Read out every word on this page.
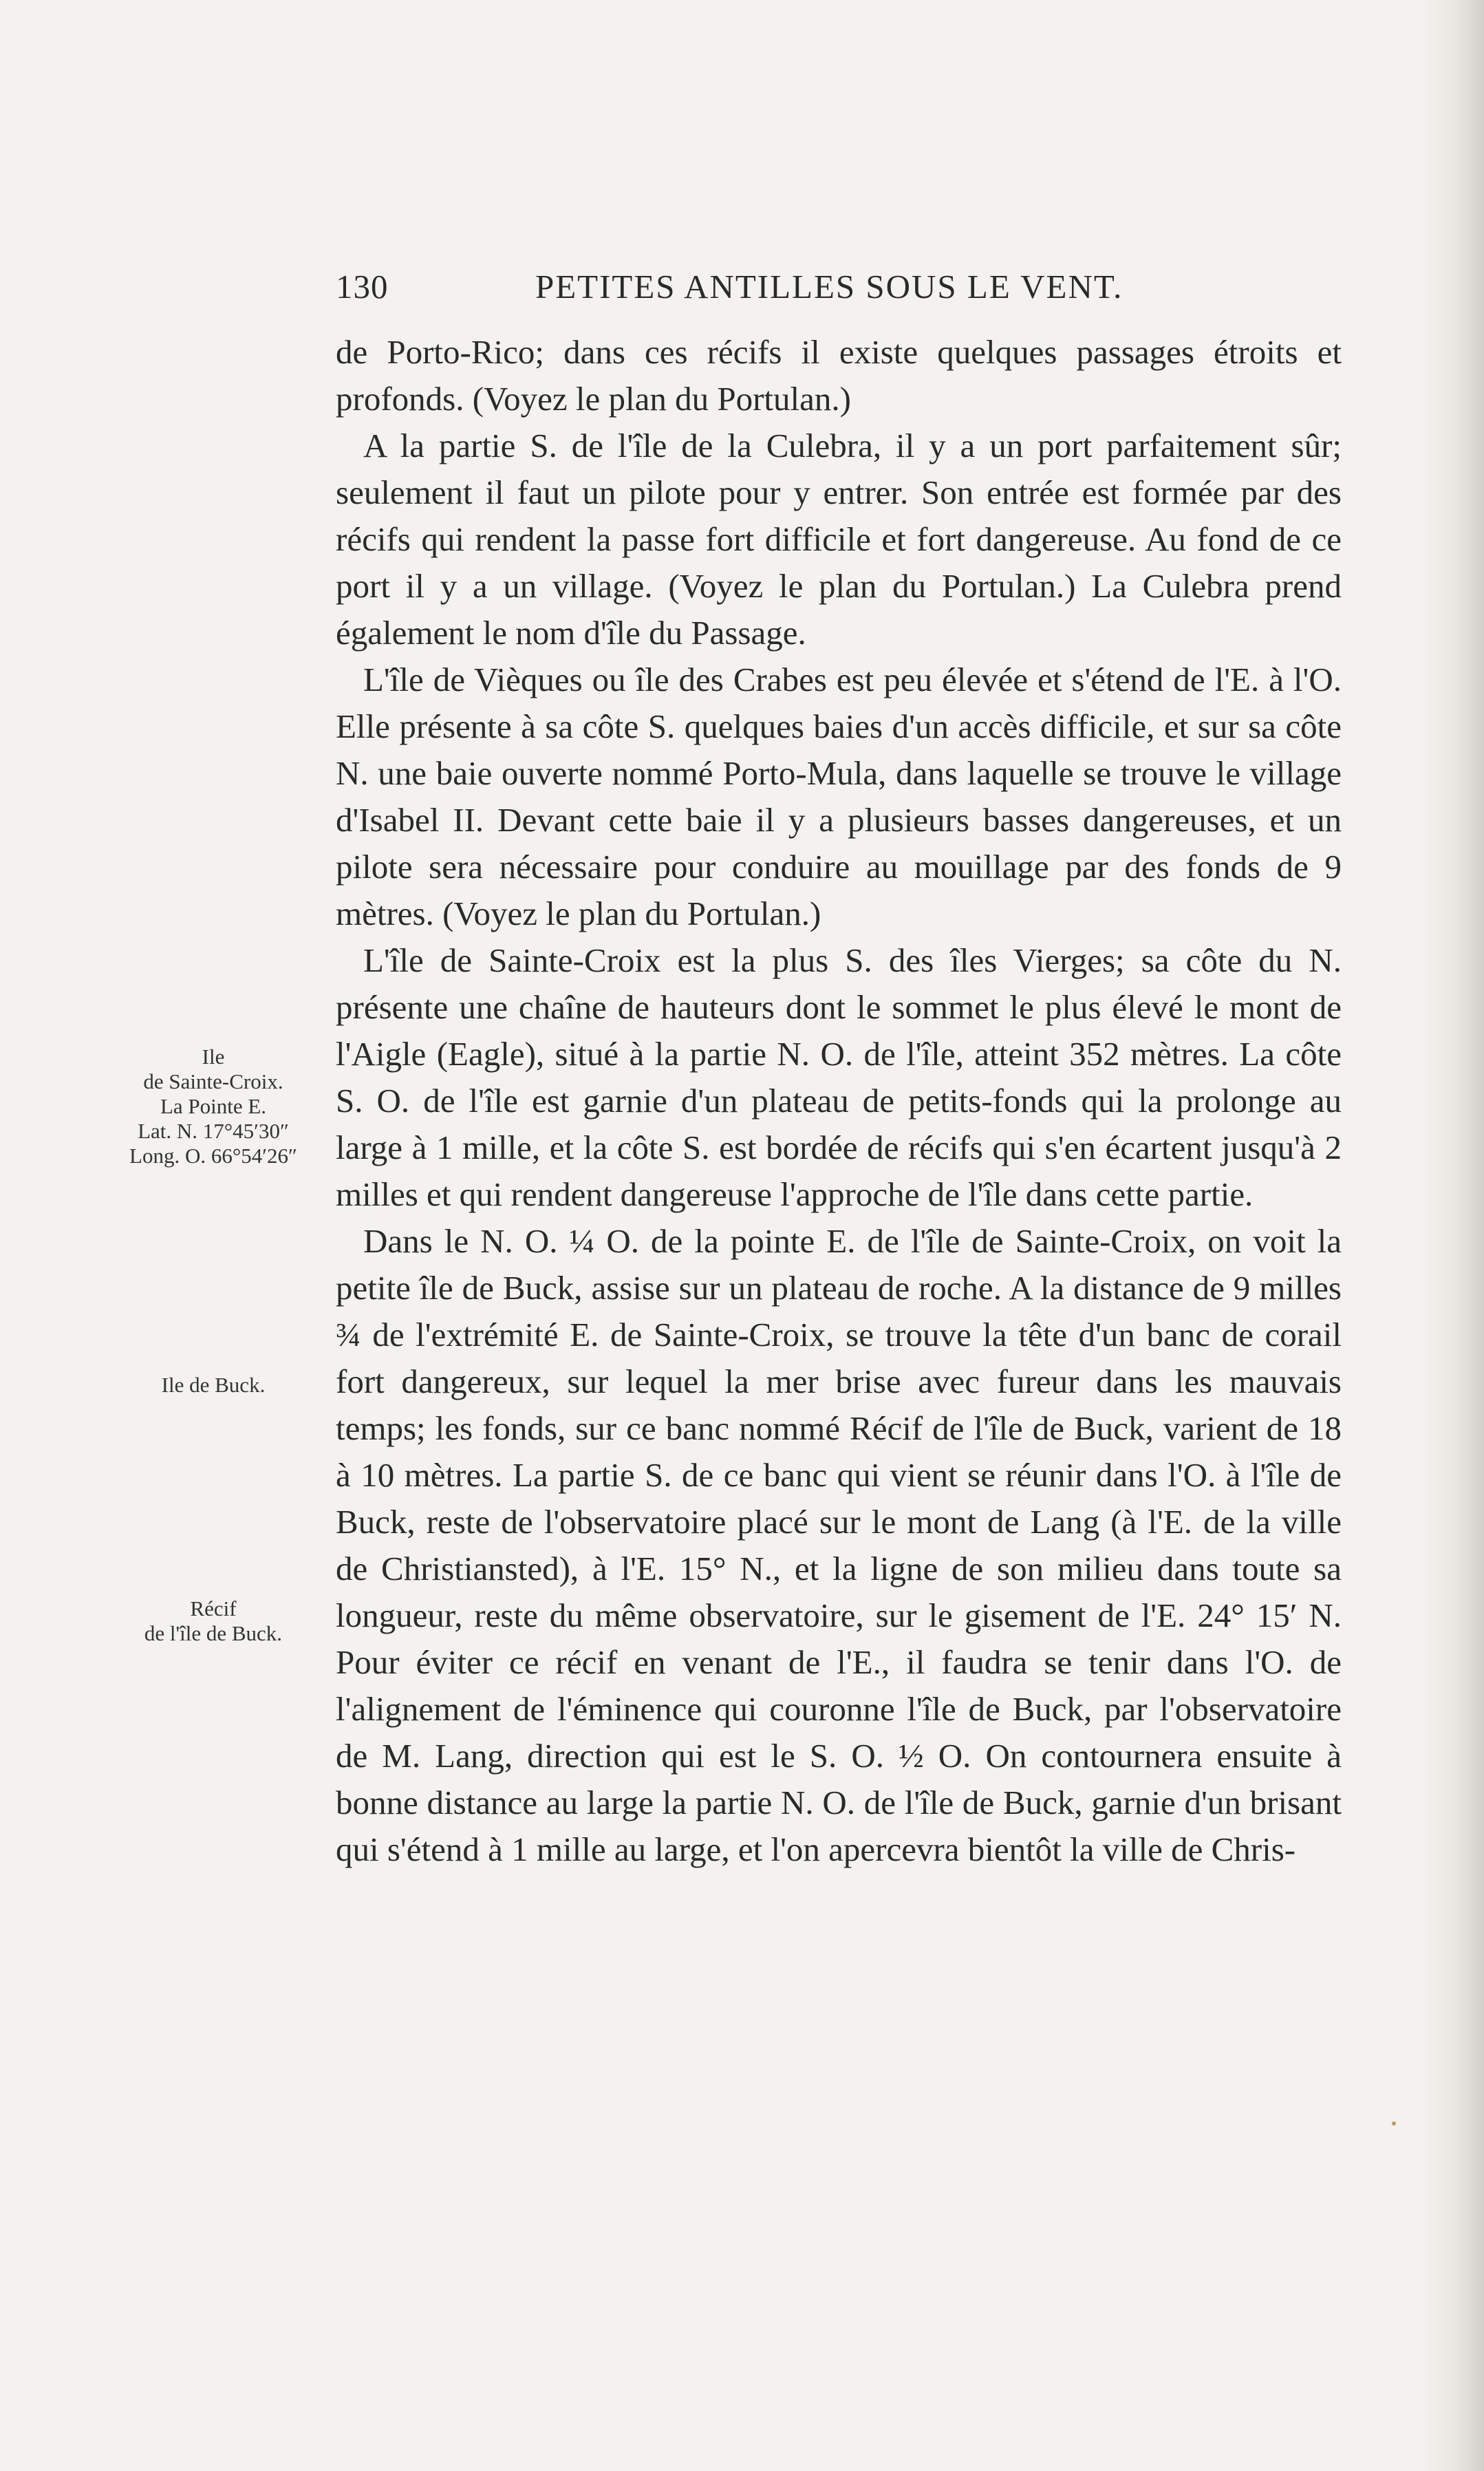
130	PETITES ANTILLES SOUS LE VENT.

de Porto-Rico; dans ces récifs il existe quelques passages étroits et profonds. (Voyez le plan du Portulan.)

A la partie S. de l'île de la Culebra, il y a un port parfaitement sûr; seulement il faut un pilote pour y entrer. Son entrée est formée par des récifs qui rendent la passe fort difficile et fort dangereuse. Au fond de ce port il y a un village. (Voyez le plan du Portulan.) La Culebra prend également le nom d'île du Passage.

L'île de Vièques ou île des Crabes est peu élevée et s'étend de l'E. à l'O. Elle présente à sa côte S. quelques baies d'un accès difficile, et sur sa côte N. une baie ouverte nommé Porto-Mula, dans laquelle se trouve le village d'Isabel II. Devant cette baie il y a plusieurs basses dangereuses, et un pilote sera nécessaire pour conduire au mouillage par des fonds de 9 mètres. (Voyez le plan du Portulan.)

L'île de Sainte-Croix est la plus S. des îles Vierges; sa côte du N. présente une chaîne de hauteurs dont le sommet le plus élevé le mont de l'Aigle (Eagle), situé à la partie N. O. de l'île, atteint 352 mètres. La côte S. O. de l'île est garnie d'un plateau de petits-fonds qui la prolonge au large à 1 mille, et la côte S. est bordée de récifs qui s'en écartent jusqu'à 2 milles et qui rendent dangereuse l'approche de l'île dans cette partie.

Dans le N. O. ¼ O. de la pointe E. de l'île de Sainte-Croix, on voit la petite île de Buck, assise sur un plateau de roche. A la distance de 9 milles ¾ de l'extrémité E. de Sainte-Croix, se trouve la tête d'un banc de corail fort dangereux, sur lequel la mer brise avec fureur dans les mauvais temps; les fonds, sur ce banc nommé Récif de l'île de Buck, varient de 18 à 10 mètres. La partie S. de ce banc qui vient se réunir dans l'O. à l'île de Buck, reste de l'observatoire placé sur le mont de Lang (à l'E. de la ville de Christiansted), à l'E. 15° N., et la ligne de son milieu dans toute sa longueur, reste du même observatoire, sur le gisement de l'E. 24° 15′ N. Pour éviter ce récif en venant de l'E., il faudra se tenir dans l'O. de l'alignement de l'éminence qui couronne l'île de Buck, par l'observatoire de M. Lang, direction qui est le S. O. ½ O. On contournera ensuite à bonne distance au large la partie N. O. de l'île de Buck, garnie d'un brisant qui s'étend à 1 mille au large, et l'on apercevra bientôt la ville de Chris-

Ile
de Sainte-Croix.
La Pointe E.
Lat. N. 17°45′30″
Long. O. 66°54′26″
Ile de Buck.
Récif
de l'île de Buck.
